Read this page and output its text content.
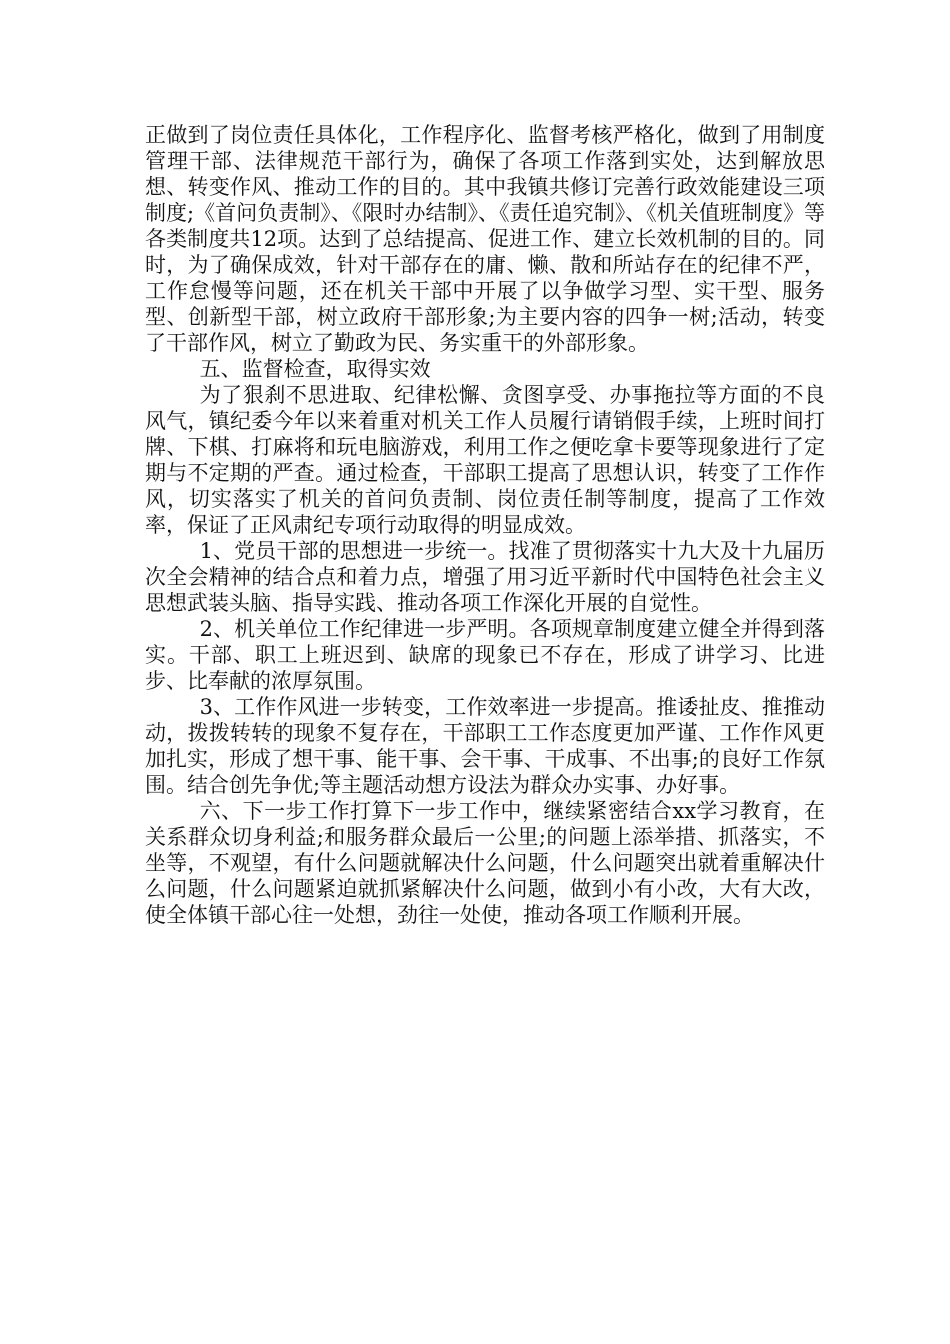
正做到了岗位责任具体化，工作程序化、监督考核严格化，做到了用制度管理干部、法律规范干部行为，确保了各项工作落到实处，达到解放思想、转变作风、推动工作的目的。其中我镇共修订完善行政效能建设三项制度;《首问负责制》、《限时办结制》、《责任追究制》、《机关值班制度》等各类制度共12项。达到了总结提高、促进工作、建立长效机制的目的。同时，为了确保成效，针对干部存在的庸、懒、散和所站存在的纪律不严，工作怠慢等问题，还在机关干部中开展了以争做学习型、实干型、服务型、创新型干部，树立政府干部形象;为主要内容的四争一树;活动，转变了干部作风，树立了勤政为民、务实重干的外部形象。

五、监督检查，取得实效

为了狠刹不思进取、纪律松懈、贪图享受、办事拖拉等方面的不良风气，镇纪委今年以来着重对机关工作人员履行请销假手续，上班时间打牌、下棋、打麻将和玩电脑游戏，利用工作之便吃拿卡要等现象进行了定期与不定期的严查。通过检查，干部职工提高了思想认识，转变了工作作风，切实落实了机关的首问负责制、岗位责任制等制度，提高了工作效率，保证了正风肃纪专项行动取得的明显成效。

1、党员干部的思想进一步统一。找准了贯彻落实十九大及十九届历次全会精神的结合点和着力点，增强了用习近平新时代中国特色社会主义思想武装头脑、指导实践、推动各项工作深化开展的自觉性。

2、机关单位工作纪律进一步严明。各项规章制度建立健全并得到落实。干部、职工上班迟到、缺席的现象已不存在，形成了讲学习、比进步、比奉献的浓厚氛围。

3、工作作风进一步转变，工作效率进一步提高。推诿扯皮、推推动动，拨拨转转的现象不复存在，干部职工工作态度更加严谨、工作作风更加扎实，形成了想干事、能干事、会干事、干成事、不出事;的良好工作氛围。结合创先争优;等主题活动想方设法为群众办实事、办好事。

六、下一步工作打算下一步工作中，继续紧密结合xx学习教育，在关系群众切身利益;和服务群众最后一公里;的问题上添举措、抓落实，不坐等，不观望，有什么问题就解决什么问题，什么问题突出就着重解决什么问题，什么问题紧迫就抓紧解决什么问题，做到小有小改，大有大改，使全体镇干部心往一处想，劲往一处使，推动各项工作顺利开展。
